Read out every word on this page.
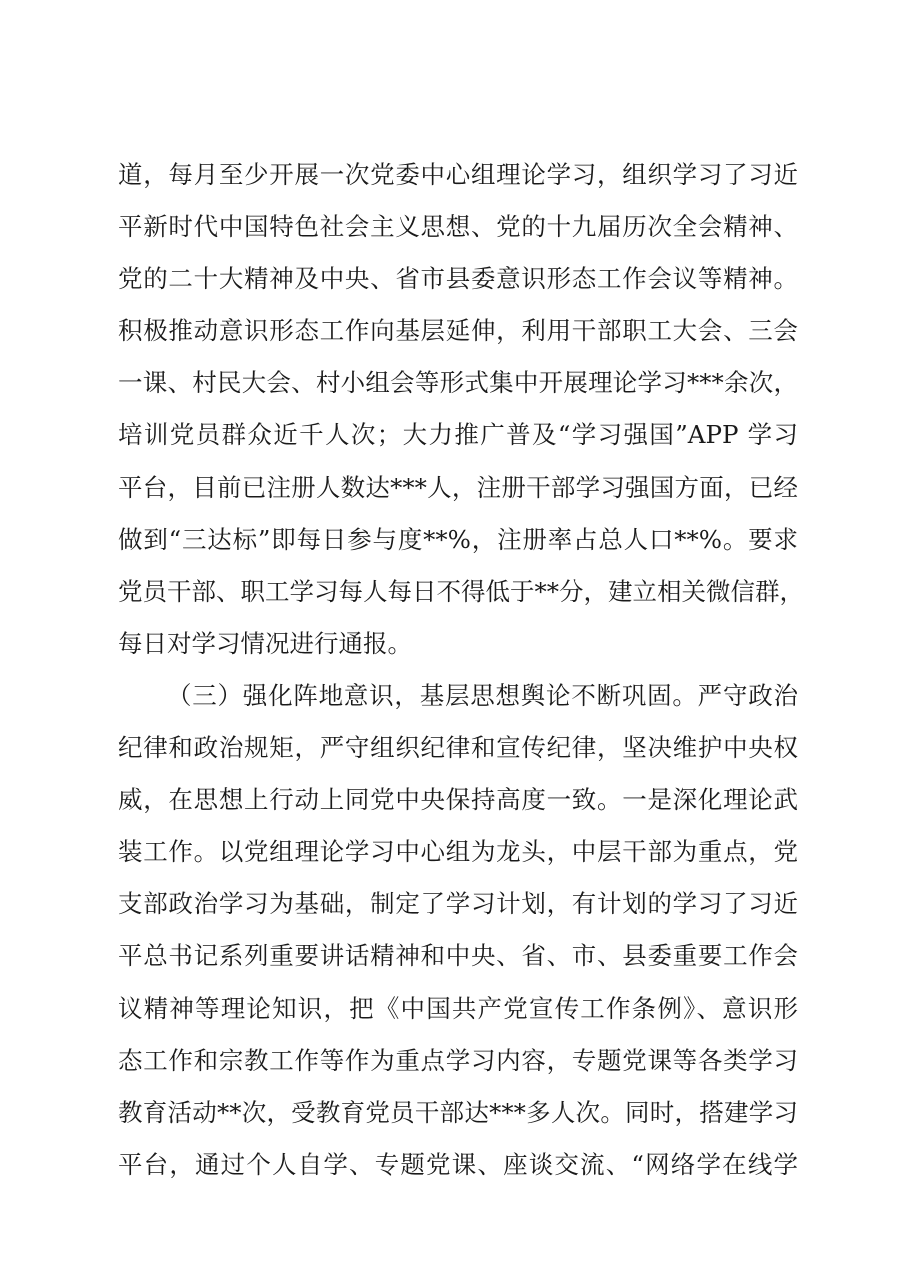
道，每月至少开展一次党委中心组理论学习，组织学习了习近
平新时代中国特色社会主义思想、党的十九届历次全会精神、
党的二十大精神及中央、省市县委意识形态工作会议等精神。
积极推动意识形态工作向基层延伸，利用干部职工大会、三会
一课、村民大会、村小组会等形式集中开展理论学习***余次，
培训党员群众近千人次；大力推广普及“学习强国”APP 学习
平台，目前已注册人数达***人，注册干部学习强国方面，已经
做到“三达标”即每日参与度**%，注册率占总人口**%。要求
党员干部、职工学习每人每日不得低于**分，建立相关微信群，
每日对学习情况进行通报。
（三）强化阵地意识，基层思想舆论不断巩固。严守政治
纪律和政治规矩，严守组织纪律和宣传纪律，坚决维护中央权
威，在思想上行动上同党中央保持高度一致。一是深化理论武
装工作。以党组理论学习中心组为龙头，中层干部为重点，党
支部政治学习为基础，制定了学习计划，有计划的学习了习近
平总书记系列重要讲话精神和中央、省、市、县委重要工作会
议精神等理论知识，把《中国共产党宣传工作条例》、意识形
态工作和宗教工作等作为重点学习内容，专题党课等各类学习
教育活动**次，受教育党员干部达***多人次。同时，搭建学习
平台，通过个人自学、专题党课、座谈交流、“网络学在线学
